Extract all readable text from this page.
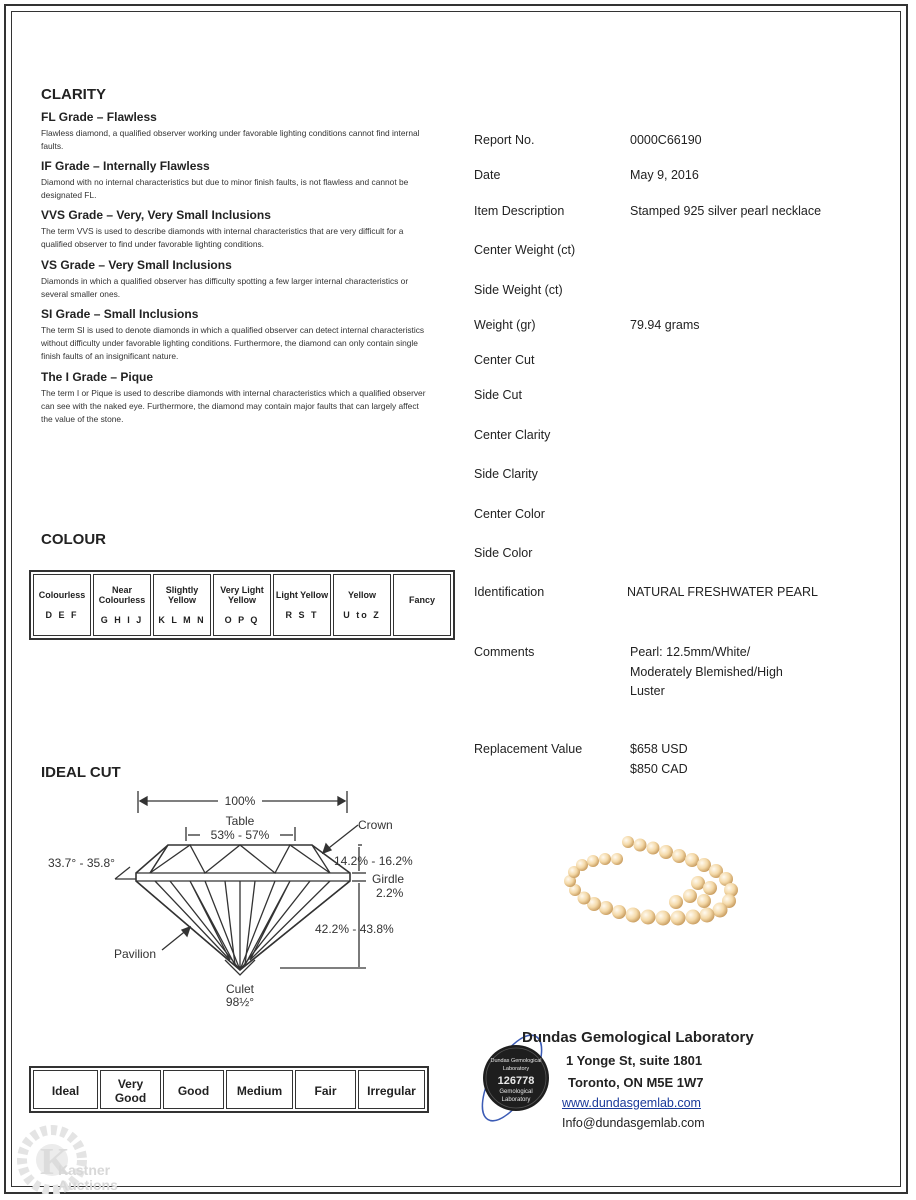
CLARITY
FL Grade – Flawless
Flawless diamond, a qualified observer working under favorable lighting conditions cannot find internal faults.
IF Grade – Internally Flawless
Diamond with no internal characteristics but due to minor finish faults, is not flawless and cannot be designated FL.
VVS Grade – Very, Very Small Inclusions
The term VVS is used to describe diamonds with internal characteristics that are very difficult for a qualified observer to find under favorable lighting conditions.
VS Grade – Very Small Inclusions
Diamonds in which a qualified observer has difficulty spotting a few larger internal characteristics or several smaller ones.
SI Grade – Small Inclusions
The term SI is used to denote diamonds in which a qualified observer can detect internal characteristics without difficulty under favorable lighting conditions. Furthermore, the diamond can only contain single finish faults of an insignificant nature.
The I Grade – Pique
The term I or Pique is used to describe diamonds with internal characteristics which a qualified observer can see with the naked eye. Furthermore, the diamond may contain major faults that can largely affect the value of the stone.
COLOUR
Colourless
D E F

Near Colourless
G H I J

Slightly Yellow
K L M N

Very Light Yellow
O P Q

Light Yellow
R S T

Yellow
U to Z

Fancy
IDEAL CUT
100%
Table
53% - 57%
Crown
33.7° - 35.8°	14.2% - 16.2%
Girdle
2.2%
42.2% - 43.8%
Pavilion
Culet
98½°
Ideal	Very Good	Good	Medium	Fair	Irregular
Report No.	0000C66190
Date	May 9, 2016
Item Description	Stamped 925 silver pearl necklace
Center Weight (ct)
Side Weight (ct)
Weight (gr)	79.94 grams
Center Cut
Side Cut
Center Clarity
Side Clarity
Center Color
Side Color
Identification	NATURAL FRESHWATER PEARL
Comments	Pearl: 12.5mm/White/
Moderately Blemished/High
Luster
Replacement Value	$658 USD
$850 CAD
Dundas Gemological
Laboratory
126778
Gemological
Laboratory
Dundas Gemological Laboratory
1 Yonge St, suite 1801
Toronto, ON M5E 1W7
www.dundasgemlab.com
Info@dundasgemlab.com
K
Kastner
Auctions
